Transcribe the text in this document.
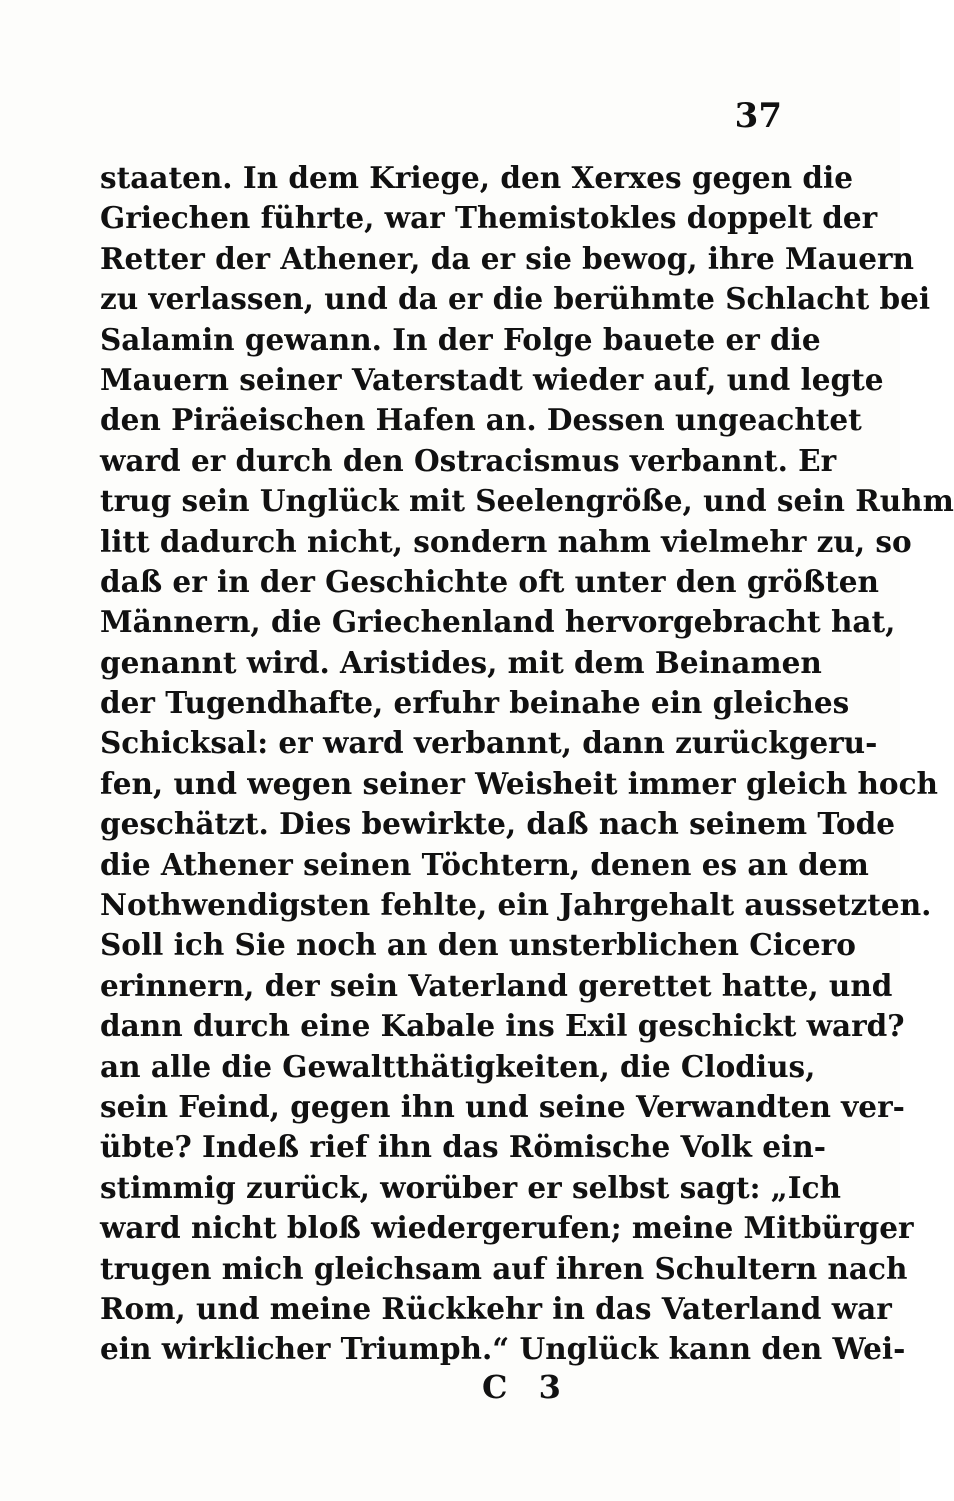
37
staaten. In dem Kriege, den Xerxes gegen die
Griechen führte, war Themistokles doppelt der
Retter der Athener, da er sie bewog, ihre Mauern
zu verlassen, und da er die berühmte Schlacht bei
Salamin gewann. In der Folge bauete er die
Mauern seiner Vaterstadt wieder auf, und legte
den Piräeischen Hafen an. Dessen ungeachtet
ward er durch den Ostracismus verbannt. Er
trug sein Unglück mit Seelengröße, und sein Ruhm
litt dadurch nicht, sondern nahm vielmehr zu, so
daß er in der Geschichte oft unter den größten
Männern, die Griechenland hervorgebracht hat,
genannt wird. Aristides, mit dem Beinamen
der Tugendhafte, erfuhr beinahe ein gleiches
Schicksal: er ward verbannt, dann zurückgeru-
fen, und wegen seiner Weisheit immer gleich hoch
geschätzt. Dies bewirkte, daß nach seinem Tode
die Athener seinen Töchtern, denen es an dem
Nothwendigsten fehlte, ein Jahrgehalt aussetzten.
Soll ich Sie noch an den unsterblichen Cicero
erinnern, der sein Vaterland gerettet hatte, und
dann durch eine Kabale ins Exil geschickt ward?
an alle die Gewaltthätigkeiten, die Clodius,
sein Feind, gegen ihn und seine Verwandten ver-
übte? Indeß rief ihn das Römische Volk ein-
stimmig zurück, worüber er selbst sagt: „Ich
ward nicht bloß wiedergerufen; meine Mitbürger
trugen mich gleichsam auf ihren Schultern nach
Rom, und meine Rückkehr in das Vaterland war
ein wirklicher Triumph.“ Unglück kann den Wei-
C 3
